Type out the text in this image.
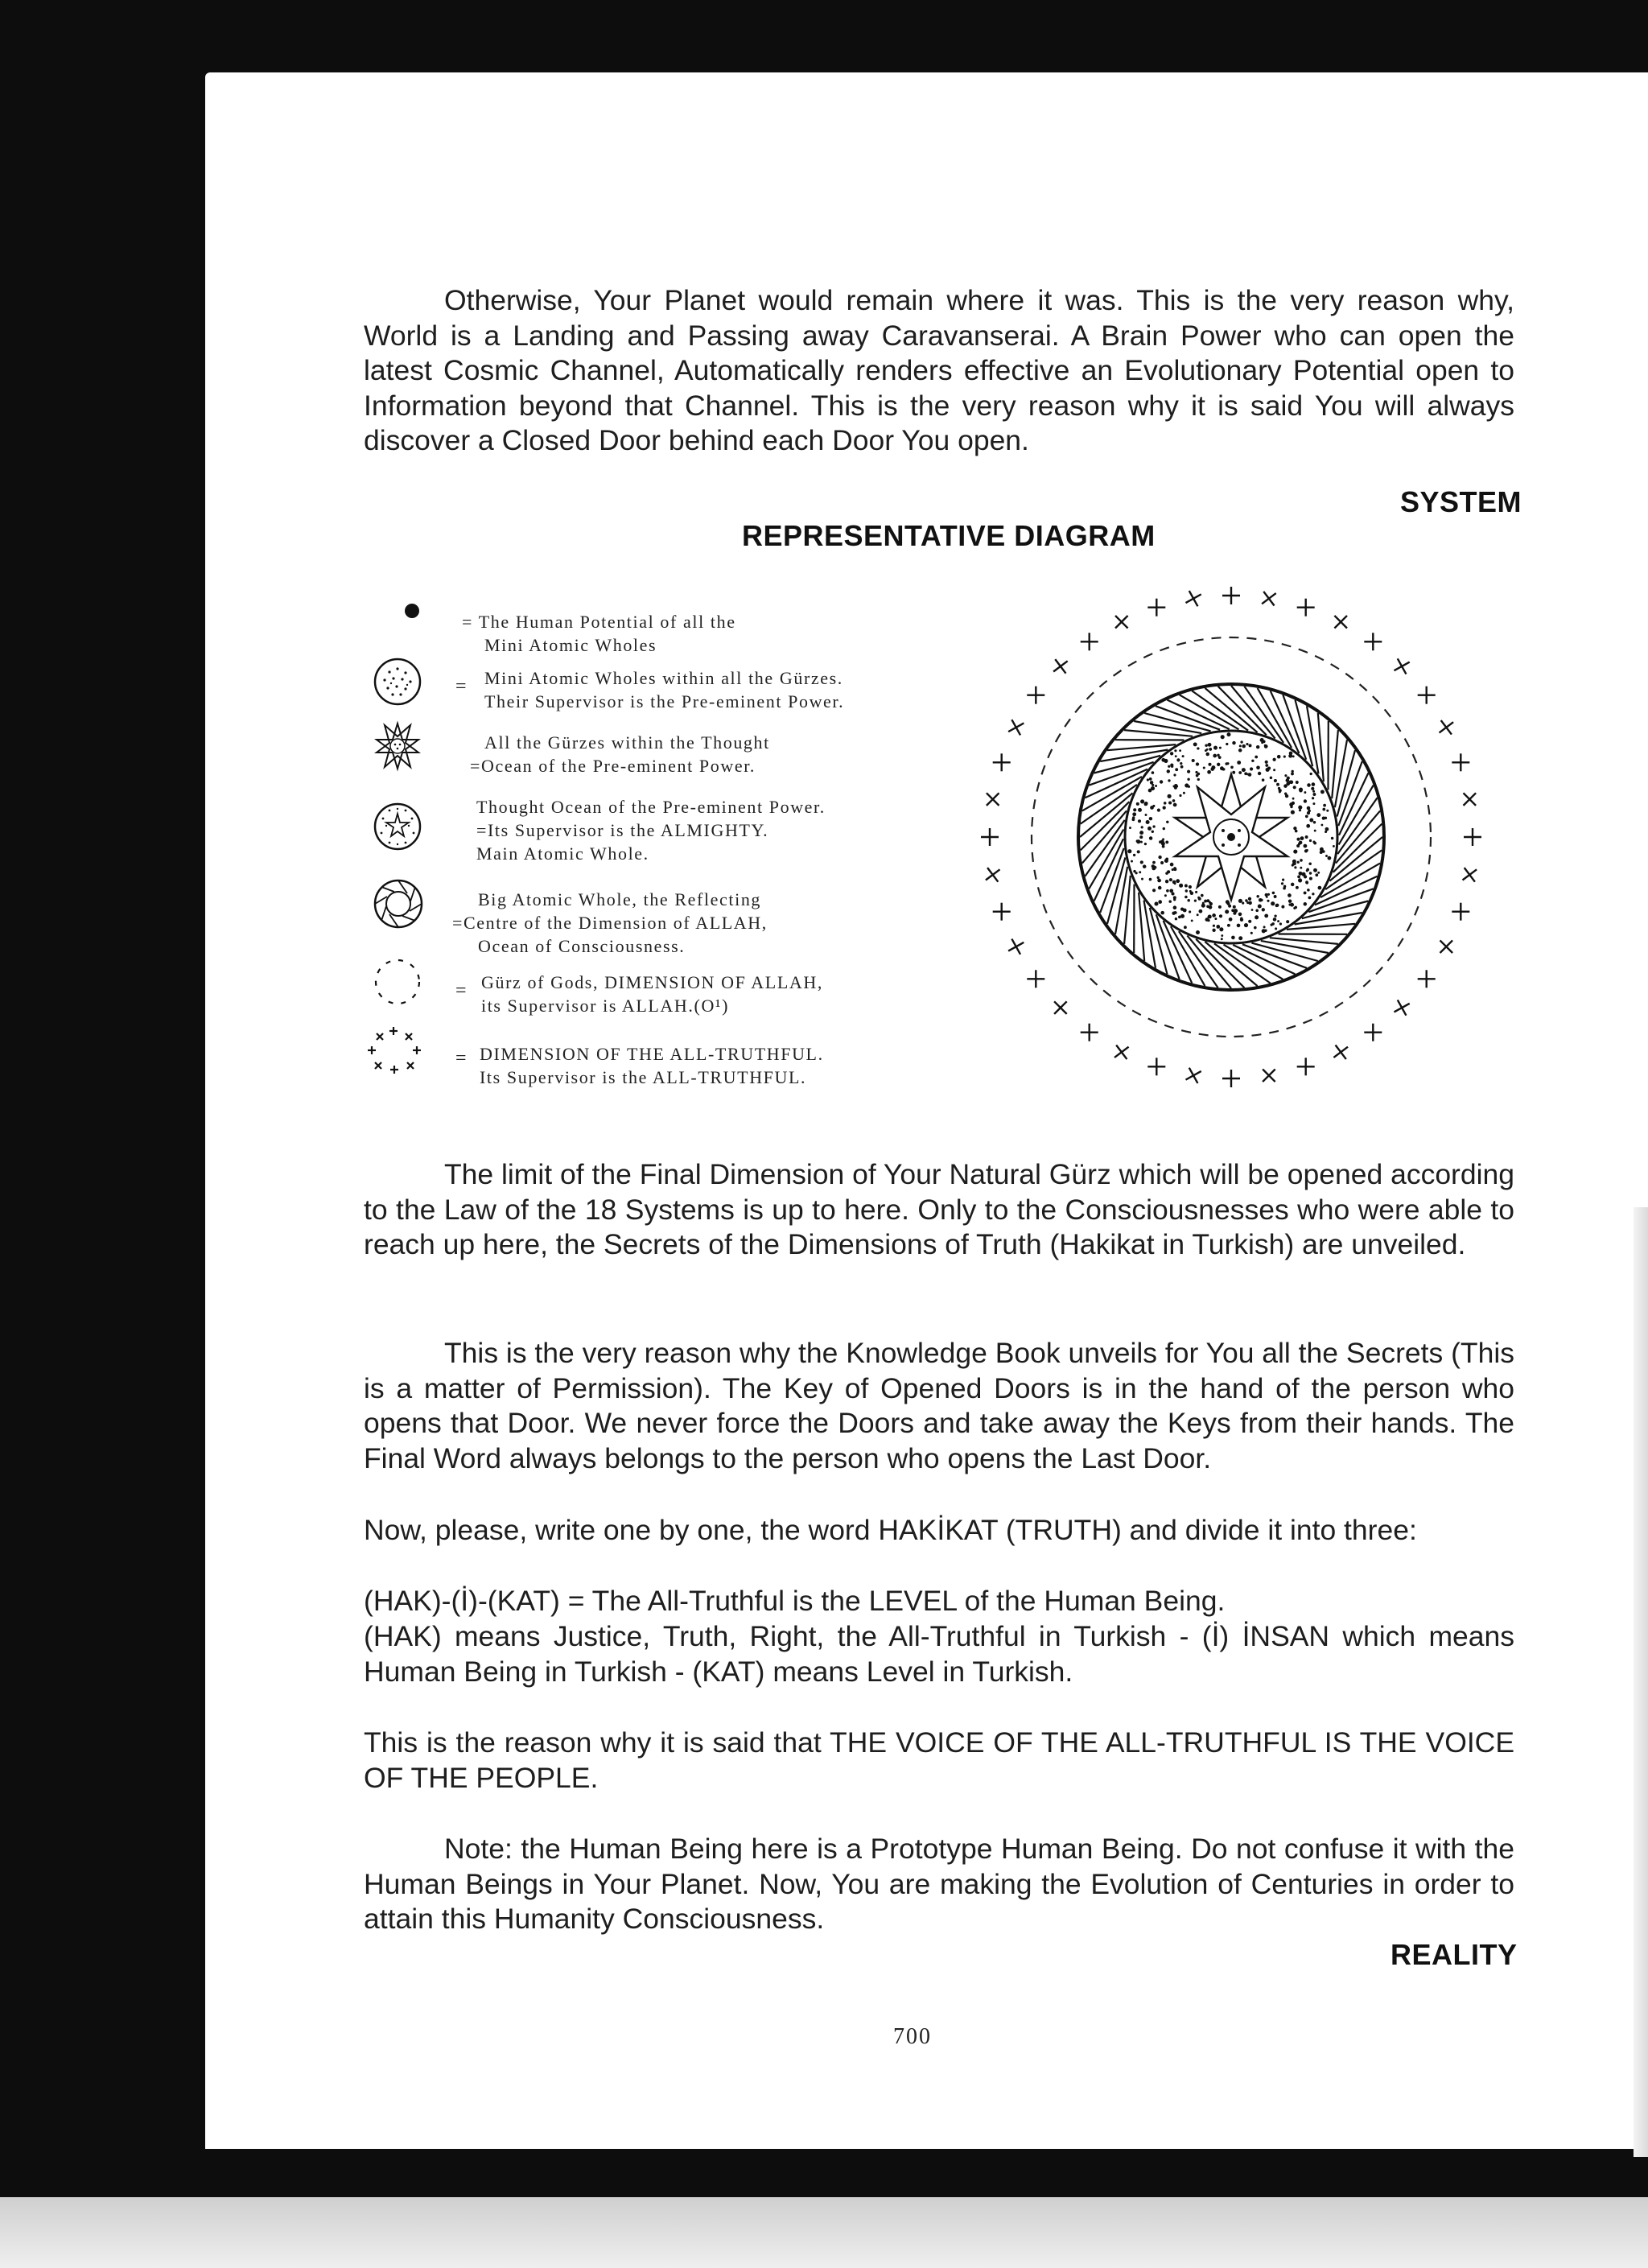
Otherwise, Your Planet would remain where it was. This is the very reason why, World is a Landing and Passing away Caravanserai. A Brain Power who can open the latest Cosmic Channel, Automatically renders effective an Evolutionary Potential open to Information beyond that Channel. This is the very reason why it is said You will always discover a Closed Door behind each Door You open.

SYSTEM

REPRESENTATIVE DIAGRAM

= The Human Potential of all the

Mini Atomic Wholes

= Mini Atomic Wholes within all the Gürzes.

Their Supervisor is the Pre-eminent Power.

All the Gürzes within the Thought

=Ocean of the Pre-eminent Power.

Thought Ocean of the Pre-eminent Power.

=Its Supervisor is the ALMIGHTY.

Main Atomic Whole.

Big Atomic Whole, the Reflecting

=Centre of the Dimension of ALLAH,

Ocean of Consciousness.

= Gürz of Gods, DIMENSION OF ALLAH,

its Supervisor is ALLAH.(O¹)

= DIMENSION OF THE ALL-TRUTHFUL.

Its Supervisor is the ALL-TRUTHFUL.

The limit of the Final Dimension of Your Natural Gürz which will be opened according to the Law of the 18 Systems is up to here. Only to the Consciousnesses who were able to reach up here, the Secrets of the Dimensions of Truth (Hakikat in Turkish) are unveiled.

This is the very reason why the Knowledge Book unveils for You all the Secrets (This is a matter of Permission). The Key of Opened Doors is in the hand of the person who opens that Door. We never force the Doors and take away the Keys from their hands. The Final Word always belongs to the person who opens the Last Door.

Now, please, write one by one, the word HAKİKAT (TRUTH) and divide it into three:

(HAK)-(İ)-(KAT) = The All-Truthful is the LEVEL of the Human Being.

(HAK) means Justice, Truth, Right, the All-Truthful in Turkish - (İ) İNSAN which means Human Being in Turkish - (KAT) means Level in Turkish.

This is the reason why it is said that THE VOICE OF THE ALL-TRUTHFUL IS THE VOICE OF THE PEOPLE.

Note: the Human Being here is a Prototype Human Being. Do not confuse it with the Human Beings in Your Planet. Now, You are making the Evolution of Centuries in order to attain this Humanity Consciousness.

REALITY

700
